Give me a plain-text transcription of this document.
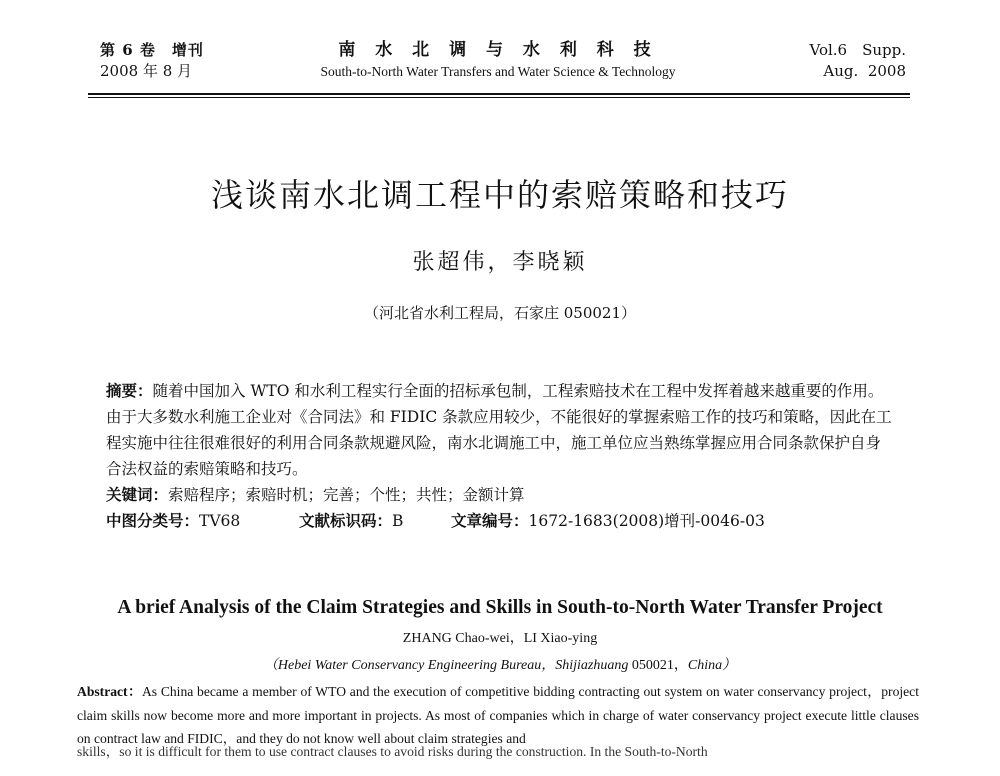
第 6 卷　增刊
2008 年 8 月
南 水 北 调 与 水 利 科 技
South-to-North Water Transfers and Water Science & Technology
Vol.6　Supp.
Aug.  2008
浅谈南水北调工程中的索赔策略和技巧
张超伟，李晓颖
（河北省水利工程局，石家庄 050021）

摘要：随着中国加入 WTO 和水利工程实行全面的招标承包制，工程索赔技术在工程中发挥着越来越重要的作用。由于大多数水利施工企业对《合同法》和 FIDIC 条款应用较少，不能很好的掌握索赔工作的技巧和策略，因此在工程实施中往往很难很好的利用合同条款规避风险，南水北调施工中，施工单位应当熟练掌握应用合同条款保护自身合法权益的索赔策略和技巧。

关键词：索赔程序；索赔时机；完善；个性；共性；金额计算

中图分类号：TV68	文献标识码：B	文章编号：1672-1683(2008)增刊-0046-03

A brief Analysis of the Claim Strategies and Skills in South-to-North Water Transfer Project
ZHANG Chao-wei，LI Xiao-ying
（Hebei Water Conservancy Engineering Bureau，Shijiazhuang 050021，China）
Abstract：As China became a member of WTO and the execution of competitive bidding contracting out system on water conservancy project，project claim skills now become more and more important in projects. As most of companies which in charge of water conservancy project execute little clauses on contract law and FIDIC，and they do not know well about claim strategies and
skills，so it is difficult for them to use contract clauses to avoid risks during the construction. In the South-to-North
